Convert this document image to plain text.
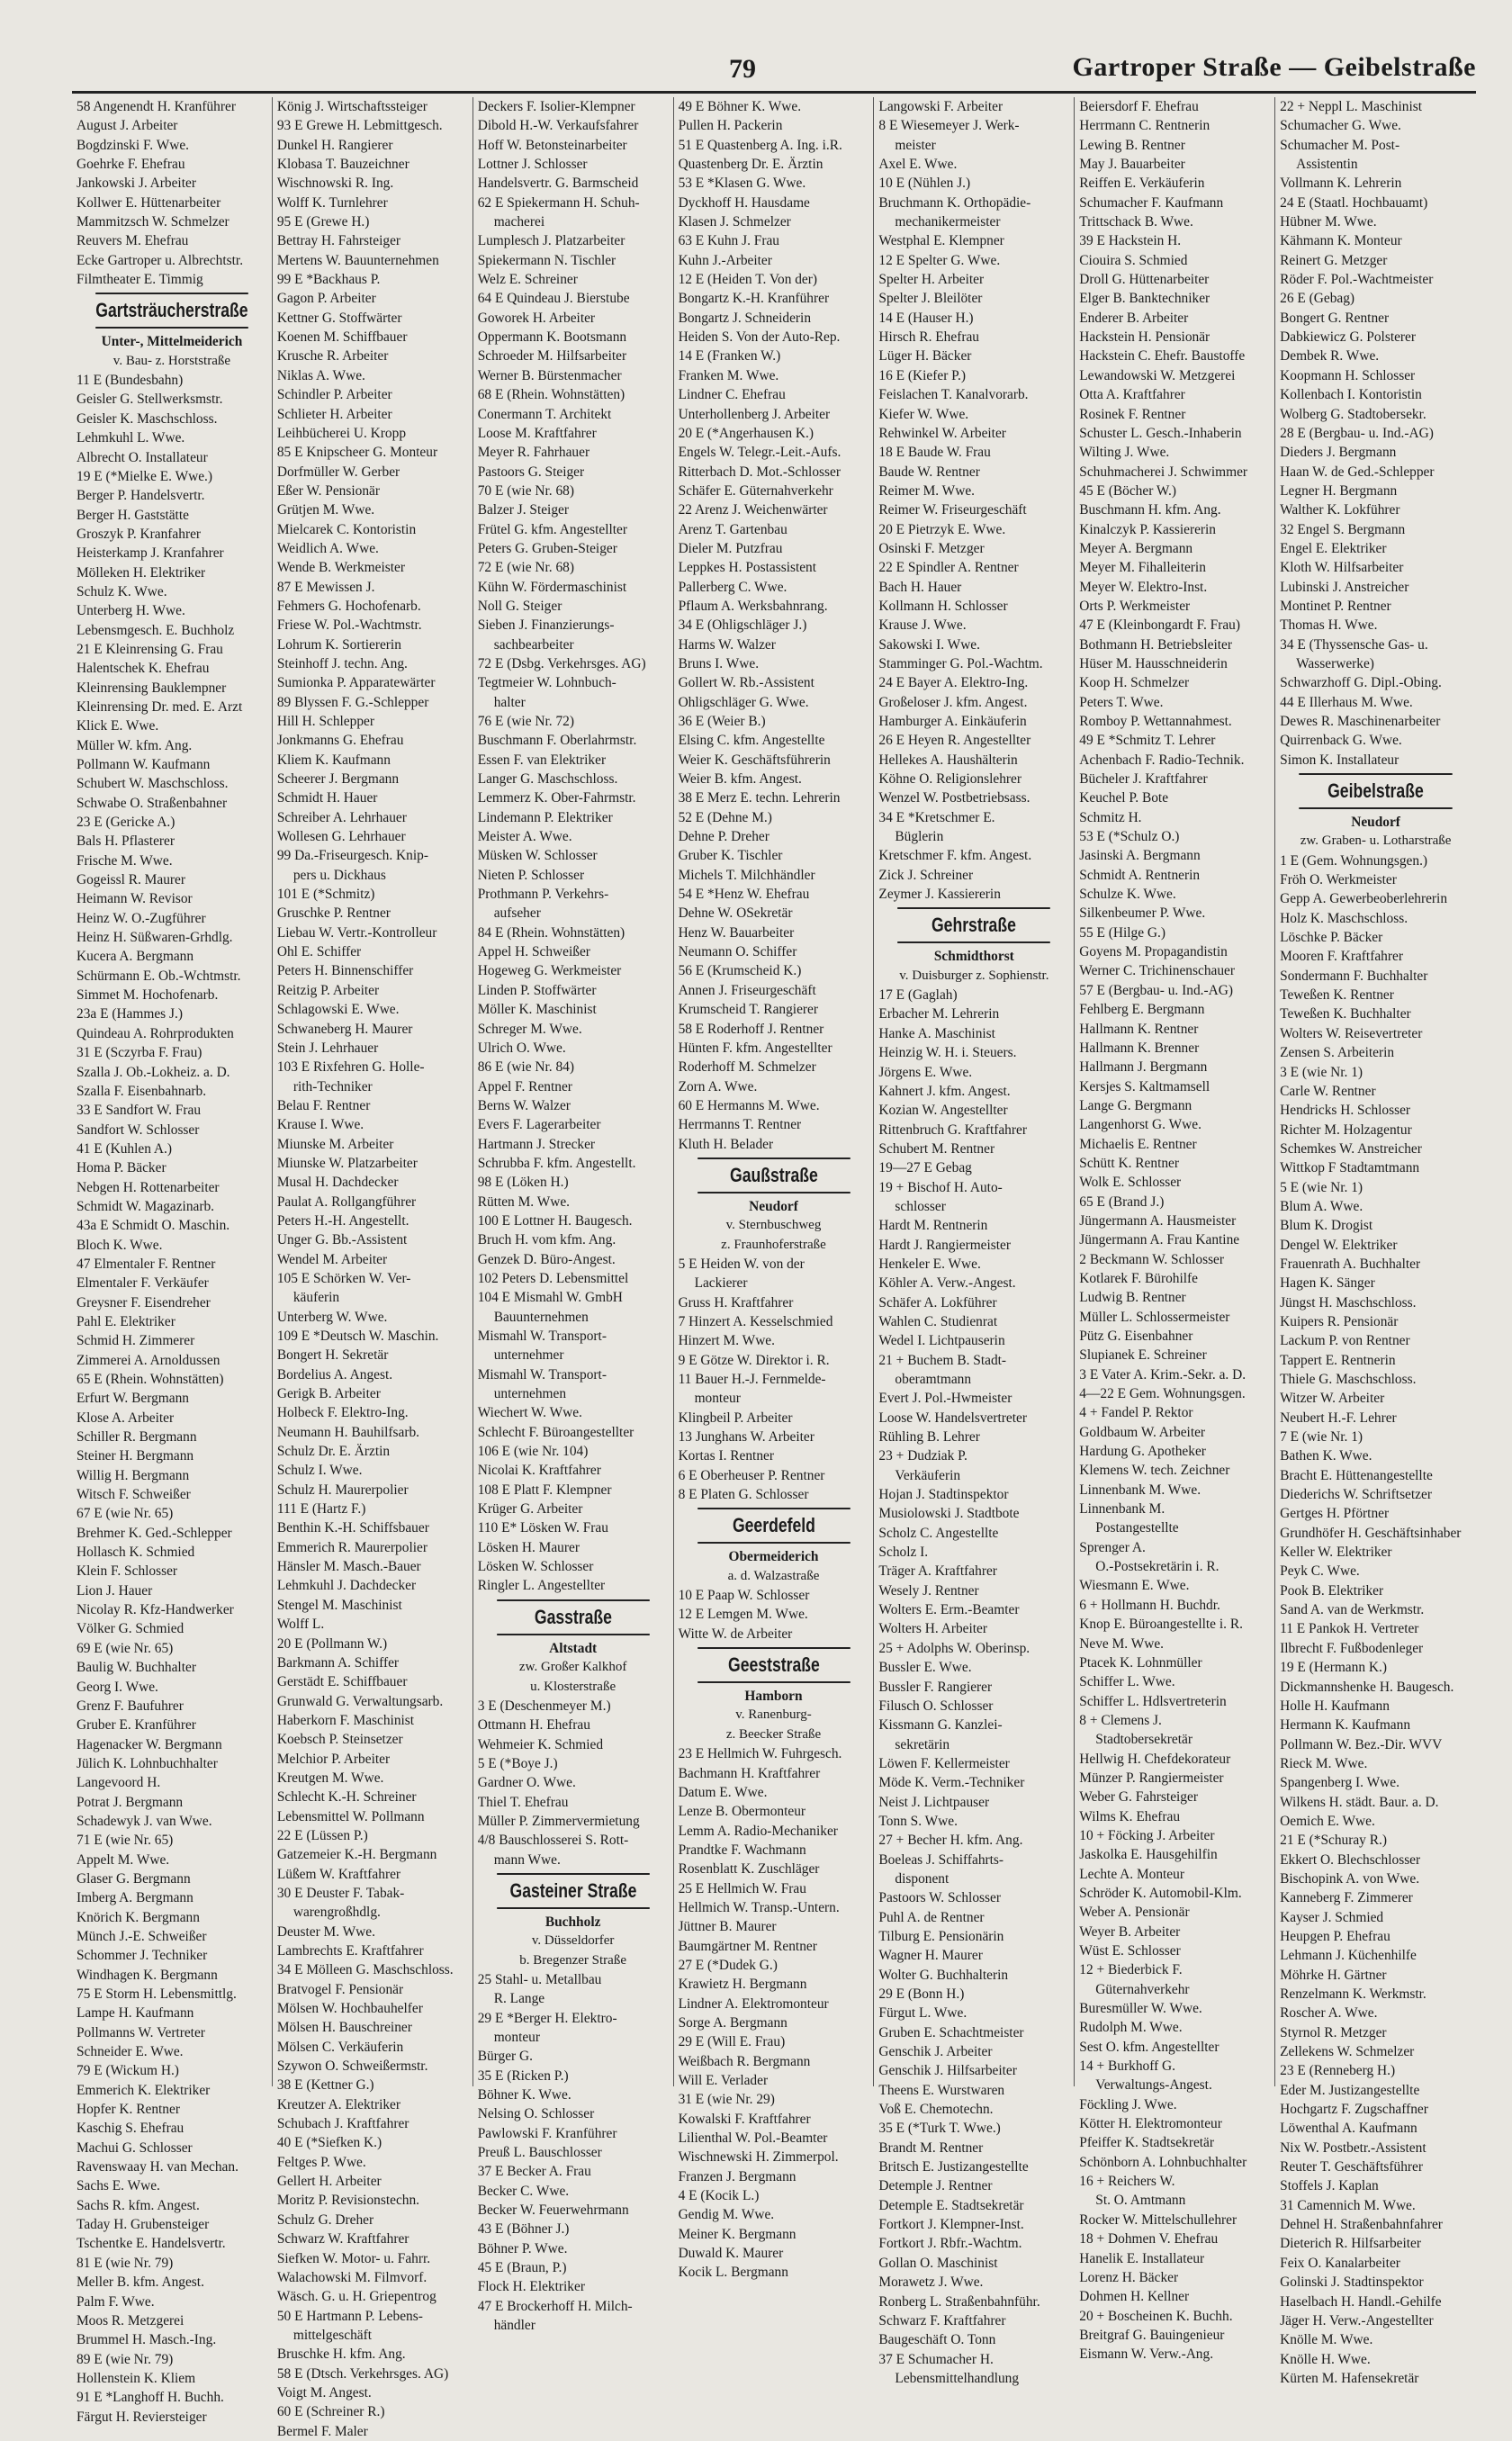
79	Gartroper Straße — Geibelstraße
58 Angenendt H. Kranführer
August J. Arbeiter
Bogdzinski F. Wwe.
Goehrke F. Ehefrau
Jankowski J. Arbeiter
Kollwer E. Hüttenarbeiter
Mammitzsch W. Schmelzer
Reuvers M. Ehefrau
Ecke Gartroper u. Albrechtstr.
Filmtheater E. Timmig
Gartsträucherstraße
Unter-, Mittelmeiderich
v. Bau- z. Horststraße
11 E (Bundesbahn)
Geisler G. Stellwerksmstr.
Geisler K. Maschschloss.
Lehmkuhl L. Wwe.
Albrecht O. Installateur
19 E (*Mielke E. Wwe.)
Berger P. Handelsvertr.
Berger H. Gaststätte
Groszyk P. Kranfahrer
Heisterkamp J. Kranfahrer
Mölleken H. Elektriker
Schulz K. Wwe.
Unterberg H. Wwe.
Lebensmgesch. E. Buchholz
21 E Kleinrensing G. Frau
Halentschek K. Ehefrau
Kleinrensing Bauklempner
Kleinrensing Dr. med. E. Arzt
Klick E. Wwe.
Müller W. kfm. Ang.
Pollmann W. Kaufmann
Schubert W. Maschschloss.
Schwabe O. Straßenbahner
23 E (Gericke A.)
Bals H. Pflasterer
Frische M. Wwe.
Gogeissl R. Maurer
Heimann W. Revisor
Heinz W. O.-Zugführer
Heinz H. Süßwaren-Grhdlg.
Kucera A. Bergmann
Schürmann E. Ob.-Wchtmstr.
Simmet M. Hochofenarb.
23a E (Hammes J.)
Quindeau A. Rohrprodukten
31 E (Sczyrba F. Frau)
Szalla J. Ob.-Lokheiz. a. D.
Szalla F. Eisenbahnarb.
33 E Sandfort W. Frau
Sandfort W. Schlosser
41 E (Kuhlen A.)
Homa P. Bäcker
Nebgen H. Rottenarbeiter
Schmidt W. Magazinarb.
43a E Schmidt O. Maschin.
Bloch K. Wwe.
47 Elmentaler F. Rentner
Elmentaler F. Verkäufer
Greysner F. Eisendreher
Pahl E. Elektriker
Schmid H. Zimmerer
Zimmerei A. Arnoldussen
65 E (Rhein. Wohnstätten)
Erfurt W. Bergmann
Klose A. Arbeiter
Schiller R. Bergmann
Steiner H. Bergmann
Willig H. Bergmann
Witsch F. Schweißer
67 E (wie Nr. 65)
Brehmer K. Ged.-Schlepper
Hollasch K. Schmied
Klein F. Schlosser
Lion J. Hauer
Nicolay R. Kfz-Handwerker
Völker G. Schmied
69 E (wie Nr. 65)
Baulig W. Buchhalter
Georg I. Wwe.
Grenz F. Baufuhrer
Gruber E. Kranführer
Hagenacker W. Bergmann
Jülich K. Lohnbuchhalter
Langevoord H.
Potrat J. Bergmann
Schadewyk J. van Wwe.
71 E (wie Nr. 65)
Appelt M. Wwe.
Glaser G. Bergmann
Imberg A. Bergmann
Knörich K. Bergmann
Münch J.-E. Schweißer
Schommer J. Techniker
Windhagen K. Bergmann
75 E Storm H. Lebensmittlg.
Lampe H. Kaufmann
Pollmanns W. Vertreter
Schneider E. Wwe.
79 E (Wickum H.)
Emmerich K. Elektriker
Hopfer K. Rentner
Kaschig S. Ehefrau
Machui G. Schlosser
Ravenswaay H. van Mechan.
Sachs E. Wwe.
Sachs R. kfm. Angest.
Taday H. Grubensteiger
Tschentke E. Handelsvertr.
81 E (wie Nr. 79)
Meller B. kfm. Angest.
Palm F. Wwe.
Moos R. Metzgerei
Brummel H. Masch.-Ing.
89 E (wie Nr. 79)
Hollenstein K. Kliem
91 E *Langhoff H. Buchh.
Färgut H. Reviersteiger
König J. Wirtschaftssteiger
93 E Grewe H. Lebmittgesch.
Dunkel H. Rangierer
Klobasa T. Bauzeichner
Wischnowski R. Ing.
Wolff K. Turnlehrer
95 E (Grewe H.)
Bettray H. Fahrsteiger
Mertens W. Bauunternehmen
99 E *Backhaus P.
Gagon P. Arbeiter
Kettner G. Stoffwärter
Koenen M. Schiffbauer
Krusche R. Arbeiter
Niklas A. Wwe.
Schindler P. Arbeiter
Schlieter H. Arbeiter
Leihbücherei U. Kropp
85 E Knipscheer G. Monteur
Dorfmüller W. Gerber
Eßer W. Pensionär
Grütjen M. Wwe.
Mielcarek C. Kontoristin
Weidlich A. Wwe.
Wende B. Werkmeister
87 E Mewissen J.
Fehmers G. Hochofenarb.
Friese W. Pol.-Wachtmstr.
Lohrum K. Sortiererin
Steinhoff J. techn. Ang.
Sumionka P. Apparatewärter
89 Blyssen F. G.-Schlepper
Hill H. Schlepper
Jonkmanns G. Ehefrau
Kliem K. Kaufmann
Scheerer J. Bergmann
Schmidt H. Hauer
Schreiber A. Lehrhauer
Wollesen G. Lehrhauer
99 Da.-Friseurgesch. Knip-
pers u. Dickhaus
101 E (*Schmitz)
Gruschke P. Rentner
Liebau W. Vertr.-Kontrolleur
Ohl E. Schiffer
Peters H. Binnenschiffer
Reitzig P. Arbeiter
Schlagowski E. Wwe.
Schwaneberg H. Maurer
Stein J. Lehrhauer
103 E Rixfehren G. Holle-
rith-Techniker
Belau F. Rentner
Krause I. Wwe.
Miunske M. Arbeiter
Miunske W. Platzarbeiter
Musal H. Dachdecker
Paulat A. Rollgangführer
Peters H.-H. Angestellt.
Unger G. Bb.-Assistent
Wendel M. Arbeiter
105 E Schörken W. Ver-
käuferin
Unterberg W. Wwe.
109 E *Deutsch W. Maschin.
Bongert H. Sekretär
Bordelius A. Angest.
Gerigk B. Arbeiter
Holbeck F. Elektro-Ing.
Neumann H. Bauhilfsarb.
Schulz Dr. E. Ärztin
Schulz I. Wwe.
Schulz H. Maurerpolier
111 E (Hartz F.)
Benthin K.-H. Schiffsbauer
Emmerich R. Maurerpolier
Hänsler M. Masch.-Bauer
Lehmkuhl J. Dachdecker
Stengel M. Maschinist
Wolff L.
20 E (Pollmann W.)
Barkmann A. Schiffer
Gerstädt E. Schiffbauer
Grunwald G. Verwaltungsarb.
Haberkorn F. Maschinist
Koebsch P. Steinsetzer
Melchior P. Arbeiter
Kreutgen M. Wwe.
Schlecht K.-H. Schreiner
Lebensmittel W. Pollmann
22 E (Lüssen P.)
Gatzemeier K.-H. Bergmann
Lüßem W. Kraftfahrer
30 E Deuster F. Tabak-
warengroßhdlg.
Deuster M. Wwe.
Lambrechts E. Kraftfahrer
34 E Mölleen G. Maschschloss.
Bratvogel F. Pensionär
Mölsen W. Hochbauhelfer
Mölsen H. Bauschreiner
Mölsen C. Verkäuferin
Szywon O. Schweißermstr.
38 E (Kettner G.)
Kreutzer A. Elektriker
Schubach J. Kraftfahrer
40 E (*Siefken K.)
Feltges P. Wwe.
Gellert H. Arbeiter
Moritz P. Revisionstechn.
Schulz G. Dreher
Schwarz W. Kraftfahrer
Siefken W. Motor- u. Fahrr.
Walachowski M. Filmvorf.
Wäsch. G. u. H. Griepentrog
50 E Hartmann P. Lebens-
mittelgeschäft
Bruschke H. kfm. Ang.
58 E (Dtsch. Verkehrsges. AG)
Voigt M. Angest.
60 E (Schreiner R.)
Bermel F. Maler
Deckers F. Isolier-Klempner
Dibold H.-W. Verkaufsfahrer
Hoff W. Betonsteinarbeiter
Lottner J. Schlosser
Handelsvertr. G. Barmscheid
62 E Spiekermann H. Schuh-
macherei
Lumplesch J. Platzarbeiter
Spiekermann N. Tischler
Welz E. Schreiner
64 E Quindeau J. Bierstube
Goworek H. Arbeiter
Oppermann K. Bootsmann
Schroeder M. Hilfsarbeiter
Werner B. Bürstenmacher
68 E (Rhein. Wohnstätten)
Conermann T. Architekt
Loose M. Kraftfahrer
Meyer R. Fahrhauer
Pastoors G. Steiger
70 E (wie Nr. 68)
Balzer J. Steiger
Frütel G. kfm. Angestellter
Peters G. Gruben-Steiger
72 E (wie Nr. 68)
Kühn W. Fördermaschinist
Noll G. Steiger
Sieben J. Finanzierungs-
sachbearbeiter
72 E (Dsbg. Verkehrsges. AG)
Tegtmeier W. Lohnbuch-
halter
76 E (wie Nr. 72)
Buschmann F. Oberlahrmstr.
Essen F. van Elektriker
Langer G. Maschschloss.
Lemmerz K. Ober-Fahrmstr.
Lindemann P. Elektriker
Meister A. Wwe.
Müsken W. Schlosser
Nieten P. Schlosser
Prothmann P. Verkehrs-
aufseher
84 E (Rhein. Wohnstätten)
Appel H. Schweißer
Hogeweg G. Werkmeister
Linden P. Stoffwärter
Möller K. Maschinist
Schreger M. Wwe.
Ulrich O. Wwe.
86 E (wie Nr. 84)
Appel F. Rentner
Berns W. Walzer
Evers F. Lagerarbeiter
Hartmann J. Strecker
Schrubba F. kfm. Angestellt.
98 E (Löken H.)
Rütten M. Wwe.
100 E Lottner H. Baugesch.
Bruch H. vom kfm. Ang.
Genzek D. Büro-Angest.
102 Peters D. Lebensmittel
104 E Mismahl W. GmbH
Bauunternehmen
Mismahl W. Transport-
unternehmer
Mismahl W. Transport-
unternehmen
Wiechert W. Wwe.
Schlecht F. Büroangestellter
106 E (wie Nr. 104)
Nicolai K. Kraftfahrer
108 E Platt F. Klempner
Krüger G. Arbeiter
110 E* Lösken W. Frau
Lösken H. Maurer
Lösken W. Schlosser
Ringler L. Angestellter
Gasstraße
Altstadt
zw. Großer Kalkhof
u. Klosterstraße
3 E (Deschenmeyer M.)
Ottmann H. Ehefrau
Wehmeier K. Schmied
5 E (*Boye J.)
Gardner O. Wwe.
Thiel T. Ehefrau
Müller P. Zimmervermietung
4/8 Bauschlosserei S. Rott-
mann Wwe.
Gasteiner Straße
Buchholz
v. Düsseldorfer
b. Bregenzer Straße
25 Stahl- u. Metallbau
R. Lange
29 E *Berger H. Elektro-
monteur
Bürger G.
35 E (Ricken P.)
Böhner K. Wwe.
Nelsing O. Schlosser
Pawlowski F. Kranführer
Preuß L. Bauschlosser
37 E Becker A. Frau
Becker C. Wwe.
Becker W. Feuerwehrmann
43 E (Böhner J.)
Böhner P. Wwe.
45 E (Braun, P.)
Flock H. Elektriker
47 E Brockerhoff H. Milch-
händler
49 E Böhner K. Wwe.
Pullen H. Packerin
51 E Quastenberg A. Ing. i.R.
Quastenberg Dr. E. Ärztin
53 E *Klasen G. Wwe.
Dyckhoff H. Hausdame
Klasen J. Schmelzer
63 E Kuhn J. Frau
Kuhn J.-Arbeiter
12 E (Heiden T. Von der)
Bongartz K.-H. Kranführer
Bongartz J. Schneiderin
Heiden S. Von der Auto-Rep.
14 E (Franken W.)
Franken M. Wwe.
Lindner C. Ehefrau
Unterhollenberg J. Arbeiter
20 E (*Angerhausen K.)
Engels W. Telegr.-Leit.-Aufs.
Ritterbach D. Mot.-Schlosser
Schäfer E. Güternahverkehr
22 Arenz J. Weichenwärter
Arenz T. Gartenbau
Dieler M. Putzfrau
Leppkes H. Postassistent
Pallerberg C. Wwe.
Pflaum A. Werksbahnrang.
34 E (Ohligschläger J.)
Harms W. Walzer
Bruns I. Wwe.
Gollert W. Rb.-Assistent
Ohligschläger G. Wwe.
36 E (Weier B.)
Elsing C. kfm. Angestellte
Weier K. Geschäftsführerin
Weier B. kfm. Angest.
38 E Merz E. techn. Lehrerin
52 E (Dehne M.)
Dehne P. Dreher
Gruber K. Tischler
Michels T. Milchhändler
54 E *Henz W. Ehefrau
Dehne W. OSekretär
Henz W. Bauarbeiter
Neumann O. Schiffer
56 E (Krumscheid K.)
Annen J. Friseurgeschäft
Krumscheid T. Rangierer
58 E Roderhoff J. Rentner
Hünten F. kfm. Angestellter
Roderhoff M. Schmelzer
Zorn A. Wwe.
60 E Hermanns M. Wwe.
Herrmanns T. Rentner
Kluth H. Belader
Gaußstraße
Neudorf
v. Sternbuschweg
z. Fraunhoferstraße
5 E Heiden W. von der
Lackierer
Gruss H. Kraftfahrer
7 Hinzert A. Kesselschmied
Hinzert M. Wwe.
9 E Götze W. Direktor i. R.
11 Bauer H.-J. Fernmelde-
monteur
Klingbeil P. Arbeiter
13 Junghans W. Arbeiter
Kortas I. Rentner
6 E Oberheuser P. Rentner
8 E Platen G. Schlosser
Geerdefeld
Obermeiderich
a. d. Walzastraße
10 E Paap W. Schlosser
12 E Lemgen M. Wwe.
Witte W. de Arbeiter
Geeststraße
Hamborn
v. Ranenburg-
z. Beecker Straße
23 E Hellmich W. Fuhrgesch.
Bachmann H. Kraftfahrer
Datum E. Wwe.
Lenze B. Obermonteur
Lemm A. Radio-Mechaniker
Prandtke F. Wachmann
Rosenblatt K. Zuschläger
25 E Hellmich W. Frau
Hellmich W. Transp.-Untern.
Jüttner B. Maurer
Baumgärtner M. Rentner
27 E (*Dudek G.)
Krawietz H. Bergmann
Lindner A. Elektromonteur
Sorge A. Bergmann
29 E (Will E. Frau)
Weißbach R. Bergmann
Will E. Verlader
31 E (wie Nr. 29)
Kowalski F. Kraftfahrer
Lilienthal W. Pol.-Beamter
Wischnewski H. Zimmerpol.
Franzen J. Bergmann
4 E (Kocik L.)
Gendig M. Wwe.
Meiner K. Bergmann
Duwald K. Maurer
Kocik L. Bergmann
Langowski F. Arbeiter
8 E Wiesemeyer J. Werk-
meister
Axel E. Wwe.
10 E (Nühlen J.)
Bruchmann K. Orthopädie-
mechanikermeister
Westphal E. Klempner
12 E Spelter G. Wwe.
Spelter H. Arbeiter
Spelter J. Bleilöter
14 E (Hauser H.)
Hirsch R. Ehefrau
Lüger H. Bäcker
16 E (Kiefer P.)
Feislachen T. Kanalvorarb.
Kiefer W. Wwe.
Rehwinkel W. Arbeiter
18 E Baude W. Frau
Baude W. Rentner
Reimer M. Wwe.
Reimer W. Friseurgeschäft
20 E Pietrzyk E. Wwe.
Osinski F. Metzger
22 E Spindler A. Rentner
Bach H. Hauer
Kollmann H. Schlosser
Krause J. Wwe.
Sakowski I. Wwe.
Stamminger G. Pol.-Wachtm.
24 E Bayer A. Elektro-Ing.
Großeloser J. kfm. Angest.
Hamburger A. Einkäuferin
26 E Heyen R. Angestellter
Hellekes A. Haushälterin
Köhne O. Religionslehrer
Wenzel W. Postbetriebsass.
34 E *Kretschmer E.
Büglerin
Kretschmer F. kfm. Angest.
Zick J. Schreiner
Zeymer J. Kassiererin
Gehrstraße
Schmidthorst
v. Duisburger z. Sophienstr.
17 E (Gaglah)
Erbacher M. Lehrerin
Hanke A. Maschinist
Heinzig W. H. i. Steuers.
Jörgens E. Wwe.
Kahnert J. kfm. Angest.
Kozian W. Angestellter
Rittenbruch G. Kraftfahrer
Schubert M. Rentner
19—27 E Gebag
19 + Bischof H. Auto-
schlosser
Hardt M. Rentnerin
Hardt J. Rangiermeister
Henkeler E. Wwe.
Köhler A. Verw.-Angest.
Schäfer A. Lokführer
Wahlen C. Studienrat
Wedel I. Lichtpauserin
21 + Buchem B. Stadt-
oberamtmann
Evert J. Pol.-Hwmeister
Loose W. Handelsvertreter
Rühling B. Lehrer
23 + Dudziak P.
Verkäuferin
Hojan J. Stadtinspektor
Musiolowski J. Stadtbote
Scholz C. Angestellte
Scholz I.
Träger A. Kraftfahrer
Wesely J. Rentner
Wolters E. Erm.-Beamter
Wolters H. Arbeiter
25 + Adolphs W. Oberinsp.
Bussler E. Wwe.
Bussler F. Rangierer
Filusch O. Schlosser
Kissmann G. Kanzlei-
sekretärin
Löwen F. Kellermeister
Möde K. Verm.-Techniker
Neist J. Lichtpauser
Tonn S. Wwe.
27 + Becher H. kfm. Ang.
Boeleas J. Schiffahrts-
disponent
Pastoors W. Schlosser
Puhl A. de Rentner
Tilburg E. Pensionärin
Wagner H. Maurer
Wolter G. Buchhalterin
29 E (Bonn H.)
Fürgut L. Wwe.
Gruben E. Schachtmeister
Genschik J. Arbeiter
Genschik J. Hilfsarbeiter
Theens E. Wurstwaren
Voß E. Chemotechn.
35 E (*Turk T. Wwe.)
Brandt M. Rentner
Britsch E. Justizangestellte
Detemple J. Rentner
Detemple E. Stadtsekretär
Fortkort J. Klempner-Inst.
Fortkort J. Rbfr.-Wachtm.
Gollan O. Maschinist
Morawetz J. Wwe.
Ronberg L. Straßenbahnführ.
Schwarz F. Kraftfahrer
Baugeschäft O. Tonn
37 E Schumacher H.
Lebensmittelhandlung
Beiersdorf F. Ehefrau
Herrmann C. Rentnerin
Lewing B. Rentner
May J. Bauarbeiter
Reiffen E. Verkäuferin
Schumacher F. Kaufmann
Trittschack B. Wwe.
39 E Hackstein H.
Ciouira S. Schmied
Droll G. Hüttenarbeiter
Elger B. Banktechniker
Enderer B. Arbeiter
Hackstein H. Pensionär
Hackstein C. Ehefr. Baustoffe
Lewandowski W. Metzgerei
Otta A. Kraftfahrer
Rosinek F. Rentner
Schuster L. Gesch.-Inhaberin
Wilting J. Wwe.
Schuhmacherei J. Schwimmer
45 E (Böcher W.)
Buschmann H. kfm. Ang.
Kinalczyk P. Kassiererin
Meyer A. Bergmann
Meyer M. Fihalleiterin
Meyer W. Elektro-Inst.
Orts P. Werkmeister
47 E (Kleinbongardt F. Frau)
Bothmann H. Betriebsleiter
Hüser M. Hausschneiderin
Koop H. Schmelzer
Peters T. Wwe.
Romboy P. Wettannahmest.
49 E *Schmitz T. Lehrer
Achenbach F. Radio-Technik.
Bücheler J. Kraftfahrer
Keuchel P. Bote
Schmitz H.
53 E (*Schulz O.)
Jasinski A. Bergmann
Schmidt A. Rentnerin
Schulze K. Wwe.
Silkenbeumer P. Wwe.
55 E (Hilge G.)
Goyens M. Propagandistin
Werner C. Trichinenschauer
57 E (Bergbau- u. Ind.-AG)
Fehlberg E. Bergmann
Hallmann K. Rentner
Hallmann K. Brenner
Hallmann J. Bergmann
Kersjes S. Kaltmamsell
Lange G. Bergmann
Langenhorst G. Wwe.
Michaelis E. Rentner
Schütt K. Rentner
Wolk E. Schlosser
65 E (Brand J.)
Jüngermann A. Hausmeister
Jüngermann A. Frau Kantine
2 Beckmann W. Schlosser
Kotlarek F. Bürohilfe
Ludwig B. Rentner
Müller L. Schlossermeister
Pütz G. Eisenbahner
Slupianek E. Schreiner
3 E Vater A. Krim.-Sekr. a. D.
4—22 E Gem. Wohnungsgen.
4 + Fandel P. Rektor
Goldbaum W. Arbeiter
Hardung G. Apotheker
Klemens W. tech. Zeichner
Linnenbank M. Wwe.
Linnenbank M.
Postangestellte
Sprenger A.
O.-Postsekretärin i. R.
Wiesmann E. Wwe.
6 + Hollmann H. Buchdr.
Knop E. Büroangestellte i. R.
Neve M. Wwe.
Ptacek K. Lohnmüller
Schiffer L. Wwe.
Schiffer L. Hdlsvertreterin
8 + Clemens J.
Stadtobersekretär
Hellwig H. Chefdekorateur
Münzer P. Rangiermeister
Weber G. Fahrsteiger
Wilms K. Ehefrau
10 + Föcking J. Arbeiter
Jaskolka E. Hausgehilfin
Lechte A. Monteur
Schröder K. Automobil-Klm.
Weber A. Pensionär
Weyer B. Arbeiter
Wüst E. Schlosser
12 + Biederbick F.
Güternahverkehr
Buresmüller W. Wwe.
Rudolph M. Wwe.
Sest O. kfm. Angestellter
14 + Burkhoff G.
Verwaltungs-Angest.
Föckling J. Wwe.
Kötter H. Elektromonteur
Pfeiffer K. Stadtsekretär
Schönborn A. Lohnbuchhalter
16 + Reichers W.
St. O. Amtmann
Rocker W. Mittelschullehrer
18 + Dohmen V. Ehefrau
Hanelik E. Installateur
Lorenz H. Bäcker
Dohmen H. Kellner
20 + Boscheinen K. Buchh.
Breitgraf G. Bauingenieur
Eismann W. Verw.-Ang.
22 + Neppl L. Maschinist
Schumacher G. Wwe.
Schumacher M. Post-
Assistentin
Vollmann K. Lehrerin
24 E (Staatl. Hochbauamt)
Hübner M. Wwe.
Kähmann K. Monteur
Reinert G. Metzger
Röder F. Pol.-Wachtmeister
26 E (Gebag)
Bongert G. Rentner
Dabkiewicz G. Polsterer
Dembek R. Wwe.
Koopmann H. Schlosser
Kollenbach I. Kontoristin
Wolberg G. Stadtobersekr.
28 E (Bergbau- u. Ind.-AG)
Dieders J. Bergmann
Haan W. de Ged.-Schlepper
Legner H. Bergmann
Walther K. Lokführer
32 Engel S. Bergmann
Engel E. Elektriker
Kloth W. Hilfsarbeiter
Lubinski J. Anstreicher
Montinet P. Rentner
Thomas H. Wwe.
34 E (Thyssensche Gas- u.
Wasserwerke)
Schwarzhoff G. Dipl.-Obing.
44 E Illerhaus M. Wwe.
Dewes R. Maschinenarbeiter
Quirrenback G. Wwe.
Simon K. Installateur
Geibelstraße
Neudorf
zw. Graben- u. Lotharstraße
1 E (Gem. Wohnungsgen.)
Fröh O. Werkmeister
Gepp A. Gewerbeoberlehrerin
Holz K. Maschschloss.
Löschke P. Bäcker
Mooren F. Kraftfahrer
Sondermann F. Buchhalter
Teweßen K. Rentner
Teweßen K. Buchhalter
Wolters W. Reisevertreter
Zensen S. Arbeiterin
3 E (wie Nr. 1)
Carle W. Rentner
Hendricks H. Schlosser
Richter M. Holzagentur
Schemkes W. Anstreicher
Wittkop F Stadtamtmann
5 E (wie Nr. 1)
Blum A. Wwe.
Blum K. Drogist
Dengel W. Elektriker
Frauenrath A. Buchhalter
Hagen K. Sänger
Jüngst H. Maschschloss.
Kuipers R. Pensionär
Lackum P. von Rentner
Tappert E. Rentnerin
Thiele G. Maschschloss.
Witzer W. Arbeiter
Neubert H.-F. Lehrer
7 E (wie Nr. 1)
Bathen K. Wwe.
Bracht E. Hüttenangestellte
Diederichs W. Schriftsetzer
Gertges H. Pförtner
Grundhöfer H. Geschäftsinhaber
Keller W. Elektriker
Peyk C. Wwe.
Pook B. Elektriker
Sand A. van de Werkmstr.
11 E Pankok H. Vertreter
Ilbrecht F. Fußbodenleger
19 E (Hermann K.)
Dickmannshenke H. Baugesch.
Holle H. Kaufmann
Hermann K. Kaufmann
Pollmann W. Bez.-Dir. WVV
Rieck M. Wwe.
Spangenberg I. Wwe.
Wilkens H. städt. Baur. a. D.
Oemich E. Wwe.
21 E (*Schuray R.)
Ekkert O. Blechschlosser
Bischopink A. von Wwe.
Kanneberg F. Zimmerer
Kayser J. Schmied
Heupgen P. Ehefrau
Lehmann J. Küchenhilfe
Möhrke H. Gärtner
Renzelmann K. Werkmstr.
Roscher A. Wwe.
Styrnol R. Metzger
Zellekens W. Schmelzer
23 E (Renneberg H.)
Eder M. Justizangestellte
Hochgartz F. Zugschaffner
Löwenthal A. Kaufmann
Nix W. Postbetr.-Assistent
Reuter T. Geschäftsführer
Stoffels J. Kaplan
31 Camennich M. Wwe.
Dehnel H. Straßenbahnfahrer
Dieterich R. Hilfsarbeiter
Feix O. Kanalarbeiter
Golinski J. Stadtinspektor
Haselbach H. Handl.-Gehilfe
Jäger H. Verw.-Angestellter
Knölle M. Wwe.
Knölle H. Wwe.
Kürten M. Hafensekretär
